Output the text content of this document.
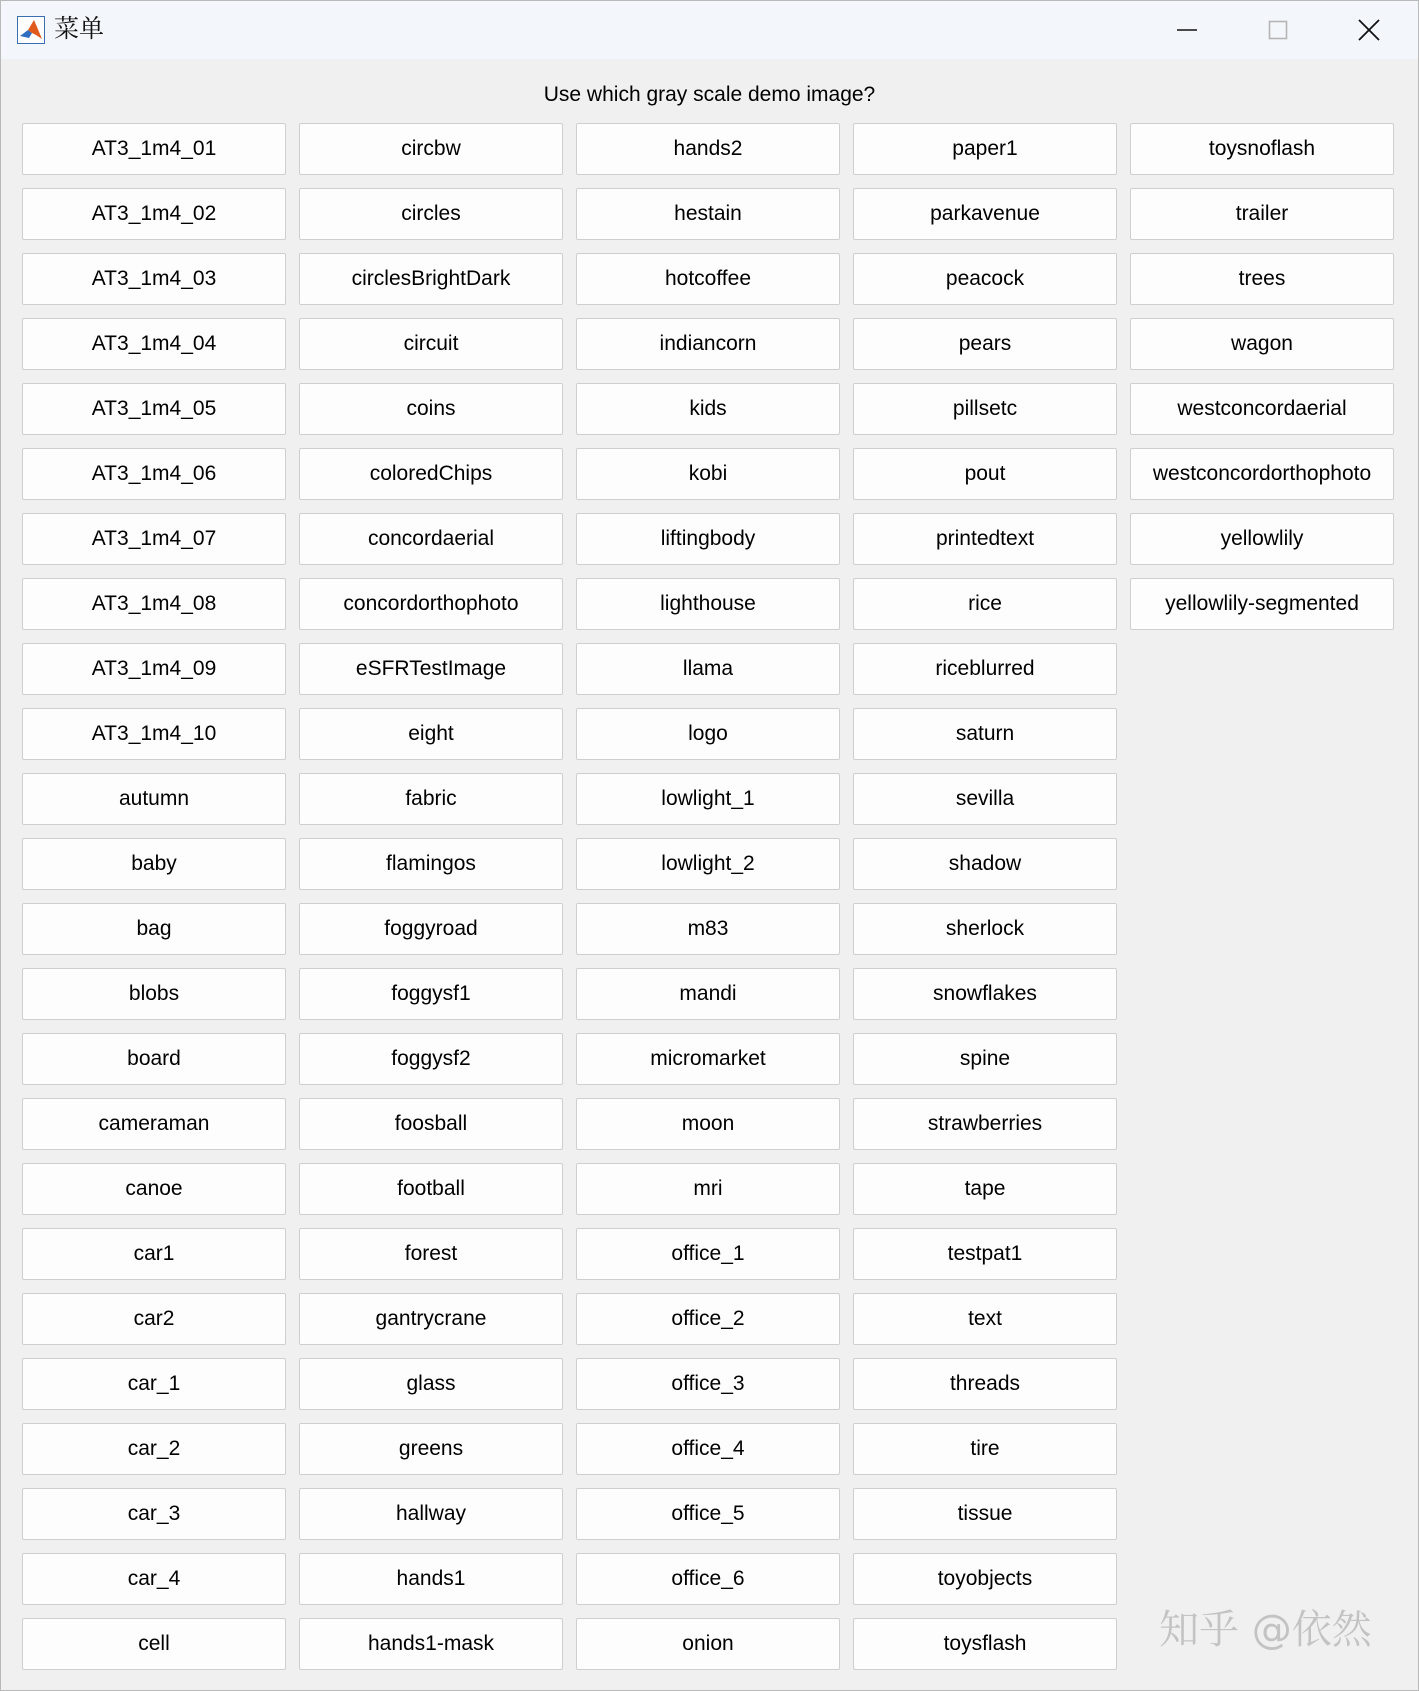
菜单
Use which gray scale demo image?
AT3_1m4_01
AT3_1m4_02
AT3_1m4_03
AT3_1m4_04
AT3_1m4_05
AT3_1m4_06
AT3_1m4_07
AT3_1m4_08
AT3_1m4_09
AT3_1m4_10
autumn
baby
bag
blobs
board
cameraman
canoe
car1
car2
car_1
car_2
car_3
car_4
cell
circbw
circles
circlesBrightDark
circuit
coins
coloredChips
concordaerial
concordorthophoto
eSFRTestImage
eight
fabric
flamingos
foggyroad
foggysf1
foggysf2
foosball
football
forest
gantrycrane
glass
greens
hallway
hands1
hands1-mask
hands2
hestain
hotcoffee
indiancorn
kids
kobi
liftingbody
lighthouse
llama
logo
lowlight_1
lowlight_2
m83
mandi
micromarket
moon
mri
office_1
office_2
office_3
office_4
office_5
office_6
onion
paper1
parkavenue
peacock
pears
pillsetc
pout
printedtext
rice
riceblurred
saturn
sevilla
shadow
sherlock
snowflakes
spine
strawberries
tape
testpat1
text
threads
tire
tissue
toyobjects
toysflash
toysnoflash
trailer
trees
wagon
westconcordaerial
westconcordorthophoto
yellowlily
yellowlily-segmented
知乎 @依然
